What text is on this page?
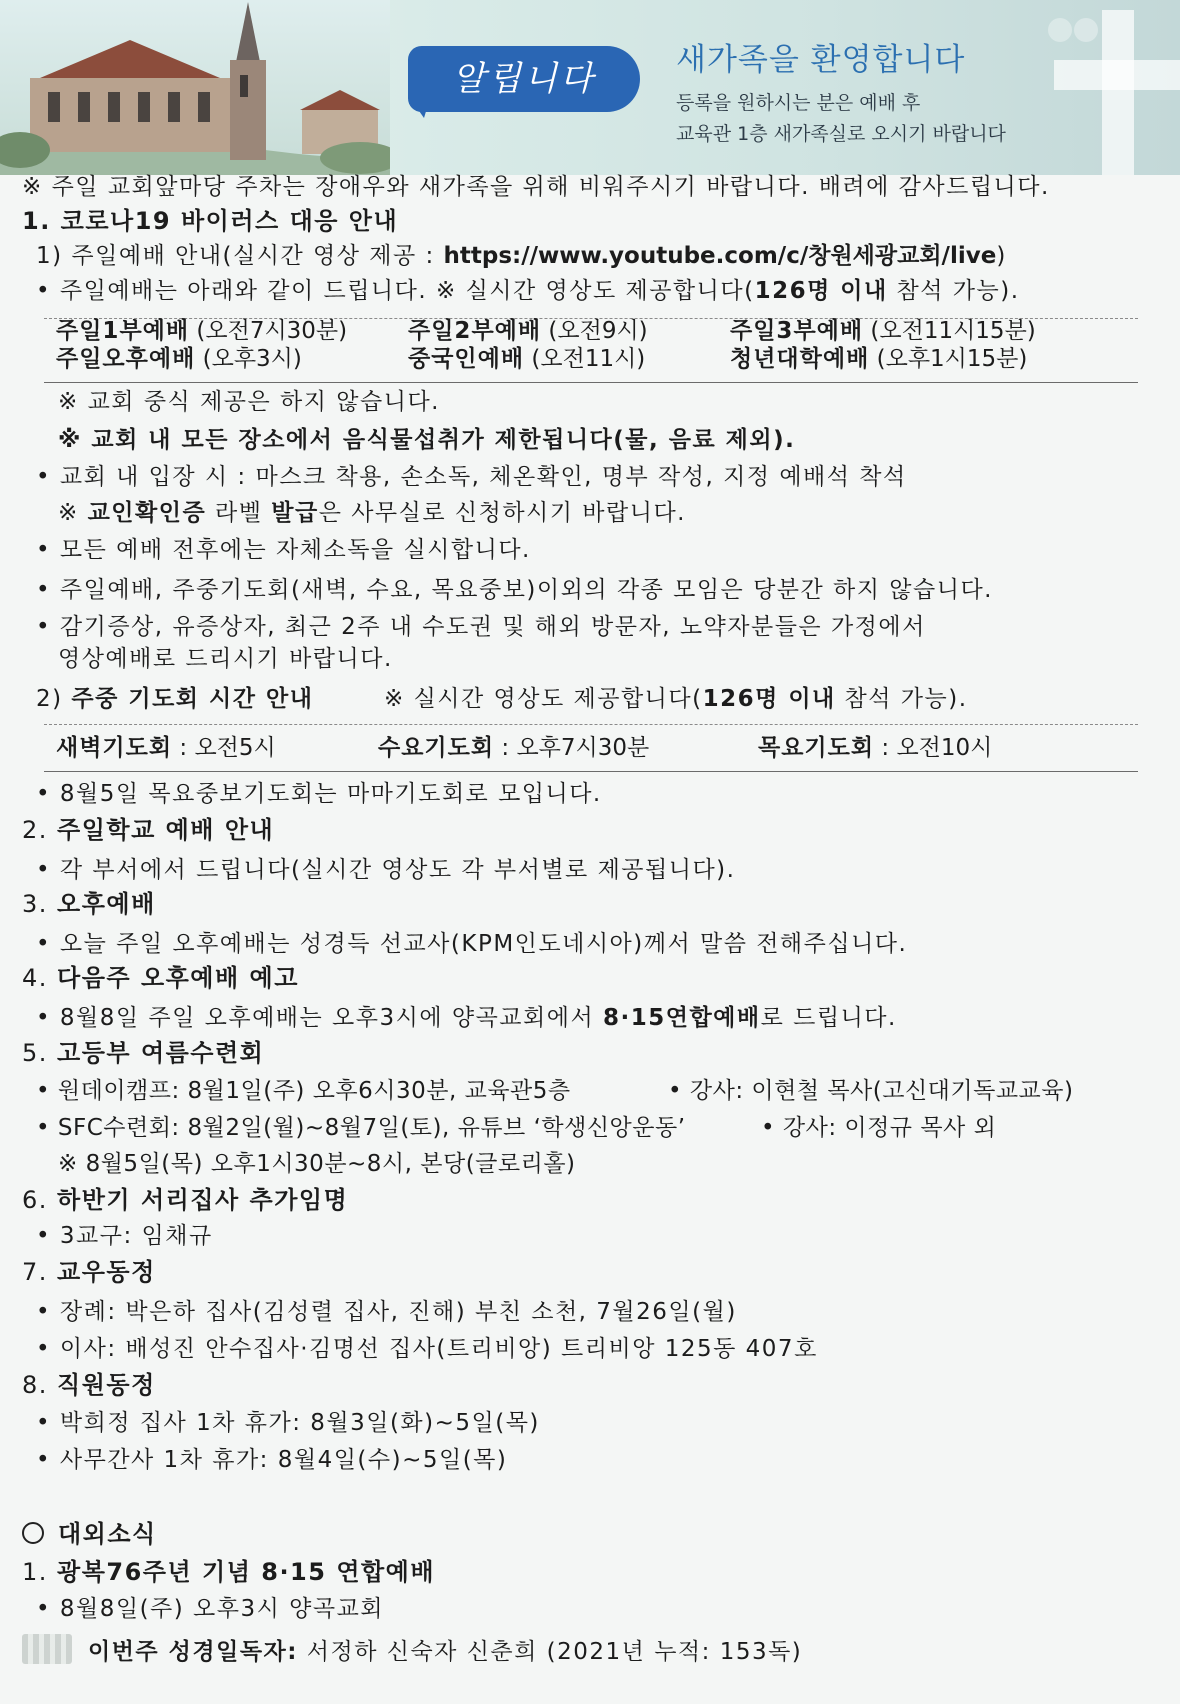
알립니다	새가족을 환영합니다
등록을 원하시는 분은 예배 후
교육관 1층 새가족실로 오시기 바랍니다
※ 주일 교회앞마당 주차는 장애우와 새가족을 위해 비워주시기 바랍니다. 배려에 감사드립니다.
1. 코로나19 바이러스 대응 안내
1) 주일예배 안내(실시간 영상 제공 : https://www.youtube.com/c/창원세광교회/live)
• 주일예배는 아래와 같이 드립니다. ※ 실시간 영상도 제공합니다(126명 이내 참석 가능).
주일1부예배 (오전7시30분)	주일2부예배 (오전9시)	주일3부예배 (오전11시15분)
주일오후예배 (오후3시)	중국인예배 (오전11시)	청년대학예배 (오후1시15분)
※ 교회 중식 제공은 하지 않습니다.
※ 교회 내 모든 장소에서 음식물섭취가 제한됩니다(물, 음료 제외).
• 교회 내 입장 시 : 마스크 착용, 손소독, 체온확인, 명부 작성, 지정 예배석 착석
※ 교인확인증 라벨 발급은 사무실로 신청하시기 바랍니다.
• 모든 예배 전후에는 자체소독을 실시합니다.
• 주일예배, 주중기도회(새벽, 수요, 목요중보)이외의 각종 모임은 당분간 하지 않습니다.
• 감기증상, 유증상자, 최근 2주 내 수도권 및 해외 방문자, 노약자분들은 가정에서
영상예배로 드리시기 바랍니다.
2) 주중 기도회 시간 안내	※ 실시간 영상도 제공합니다(126명 이내 참석 가능).
새벽기도회 : 오전5시	수요기도회 : 오후7시30분	목요기도회 : 오전10시
• 8월5일 목요중보기도회는 마마기도회로 모입니다.
2. 주일학교 예배 안내
• 각 부서에서 드립니다(실시간 영상도 각 부서별로 제공됩니다).
3. 오후예배
• 오늘 주일 오후예배는 성경득 선교사(KPM인도네시아)께서 말씀 전해주십니다.
4. 다음주 오후예배 예고
• 8월8일 주일 오후예배는 오후3시에 양곡교회에서 8·15연합예배로 드립니다.
5. 고등부 여름수련회
• 원데이캠프: 8월1일(주) 오후6시30분, 교육관5층	• 강사: 이현철 목사(고신대기독교교육)
• SFC수련회: 8월2일(월)~8월7일(토), 유튜브 ‘학생신앙운동’	• 강사: 이정규 목사 외
※ 8월5일(목) 오후1시30분~8시, 본당(글로리홀)
6. 하반기 서리집사 추가임명
• 3교구: 임채규
7. 교우동정
• 장례: 박은하 집사(김성렬 집사, 진해) 부친 소천, 7월26일(월)
• 이사: 배성진 안수집사·김명선 집사(트리비앙) 트리비앙 125동 407호
8. 직원동정
• 박희정 집사 1차 휴가: 8월3일(화)~5일(목)
• 사무간사 1차 휴가: 8월4일(수)~5일(목)
대외소식
1. 광복76주년 기념 8·15 연합예배
• 8월8일(주) 오후3시 양곡교회
이번주 성경일독자: 서정하 신숙자 신춘희 (2021년 누적: 153독)
